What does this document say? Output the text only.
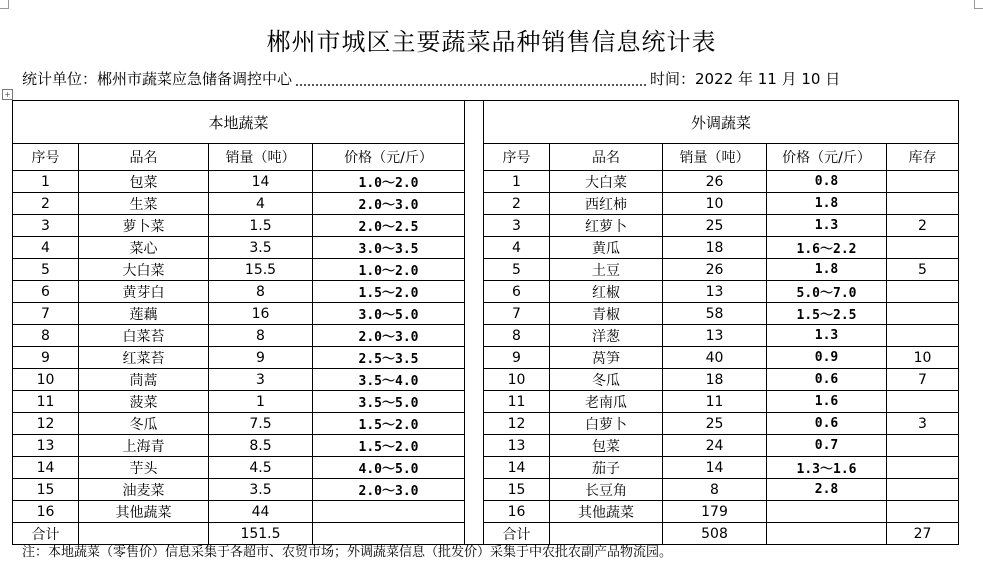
郴州市城区主要蔬菜品种销售信息统计表
统计单位：郴州市蔬菜应急储备调控中心	时间：2022 年 11 月 10 日
+
本地蔬菜					外调蔬菜				
序号	品名	销量（吨）	价格（元/斤）		序号	品名	销量（吨）	价格（元/斤）	库存
1	包菜	14	1.0～2.0		1	大白菜	26	0.8	
2	生菜	4	2.0～3.0		2	西红柿	10	1.8	
3	萝卜菜	1.5	2.0～2.5		3	红萝卜	25	1.3	2
4	菜心	3.5	3.0～3.5		4	黄瓜	18	1.6～2.2	
5	大白菜	15.5	1.0～2.0		5	土豆	26	1.8	5
6	黄芽白	8	1.5～2.0		6	红椒	13	5.0～7.0	
7	莲藕	16	3.0～5.0		7	青椒	58	1.5～2.5	
8	白菜苔	8	2.0～3.0		8	洋葱	13	1.3	
9	红菜苔	9	2.5～3.5		9	莴笋	40	0.9	10
10	茼蒿	3	3.5～4.0		10	冬瓜	18	0.6	7
11	菠菜	1	3.5～5.0		11	老南瓜	11	1.6	
12	冬瓜	7.5	1.5～2.0		12	白萝卜	25	0.6	3
13	上海青	8.5	1.5～2.0		13	包菜	24	0.7	
14	芋头	4.5	4.0～5.0		14	茄子	14	1.3～1.6	
15	油麦菜	3.5	2.0～3.0		15	长豆角	8	2.8	
16	其他蔬菜	44			16	其他蔬菜	179		
合计		151.5			合计		508		27
注：本地蔬菜（零售价）信息采集于各超市、农贸市场；外调蔬菜信息（批发价）采集于中农批农副产品物流园。
